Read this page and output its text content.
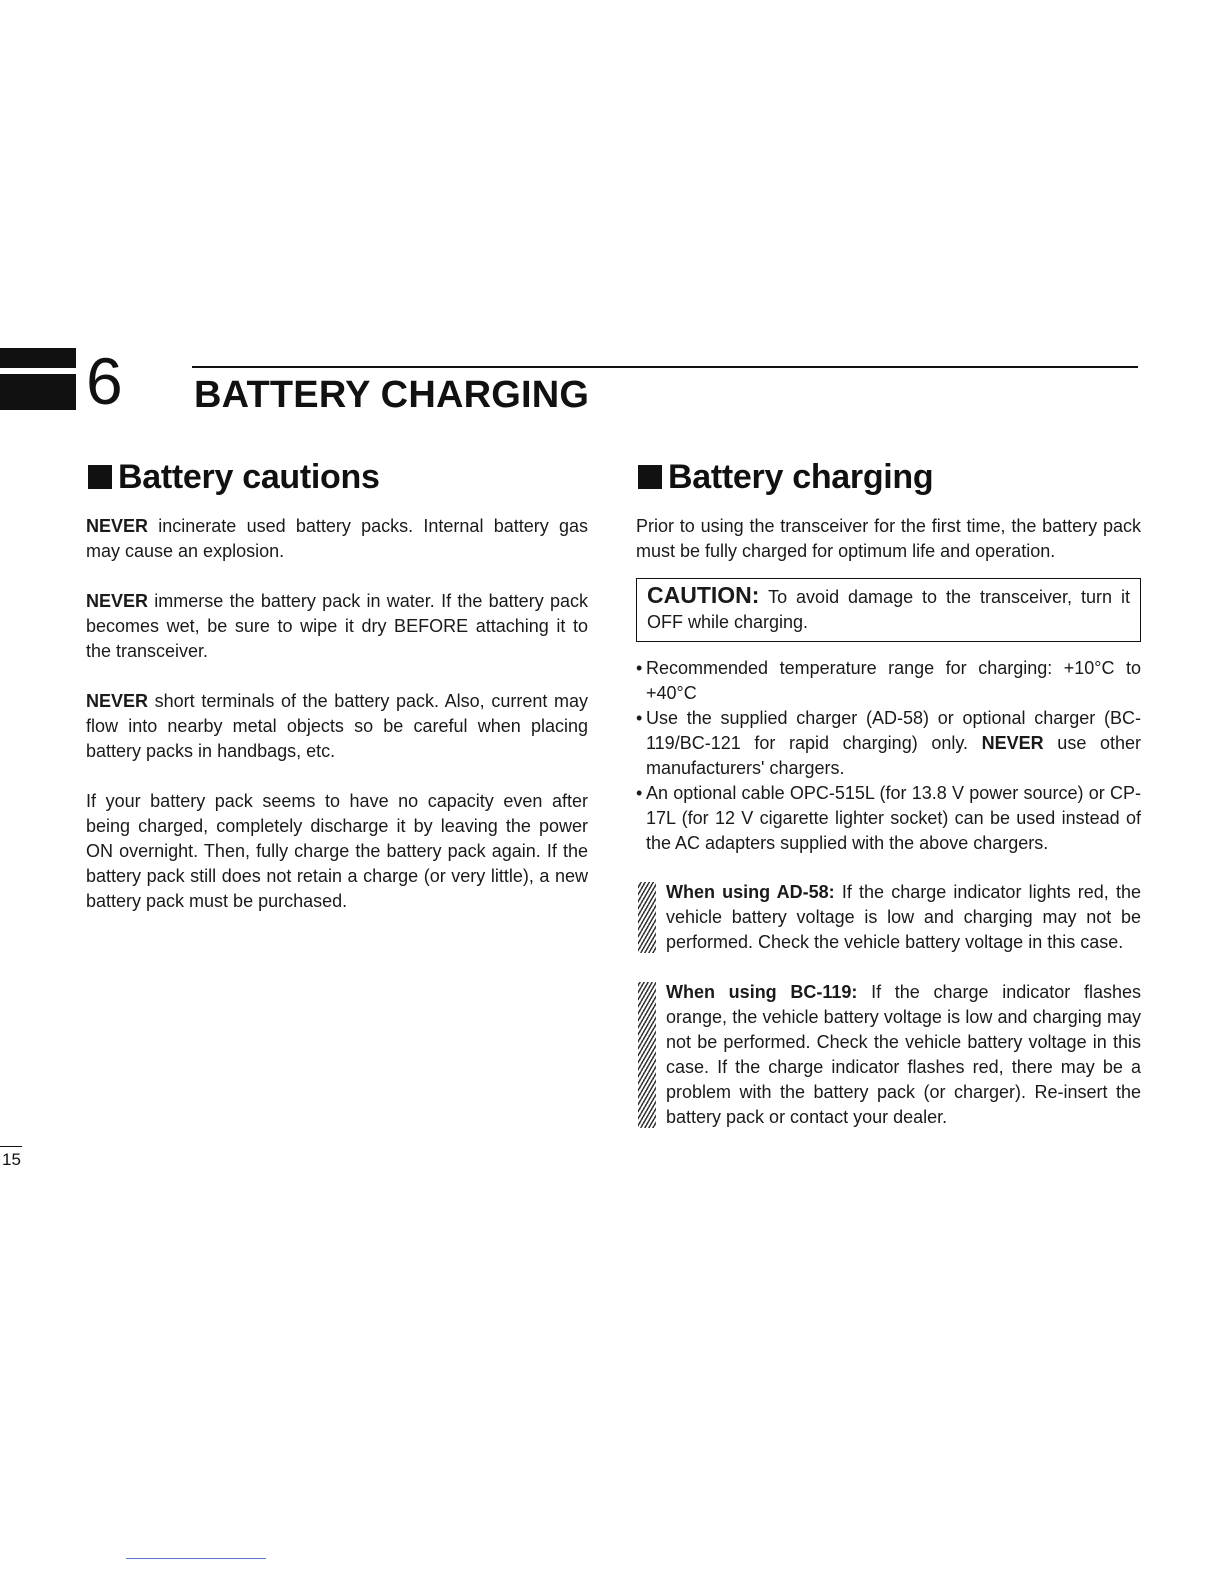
6 BATTERY CHARGING
Battery cautions

NEVER incinerate used battery packs. Internal battery gas may cause an explosion.

NEVER immerse the battery pack in water. If the battery pack becomes wet, be sure to wipe it dry BEFORE attaching it to the transceiver.

NEVER short terminals of the battery pack. Also, current may flow into nearby metal objects so be careful when placing battery packs in handbags, etc.

If your battery pack seems to have no capacity even after being charged, completely discharge it by leaving the power ON overnight. Then, fully charge the battery pack again. If the battery pack still does not retain a charge (or very little), a new battery pack must be purchased.

Battery charging

Prior to using the transceiver for the first time, the battery pack must be fully charged for optimum life and operation.

CAUTION: To avoid damage to the transceiver, turn it OFF while charging.
• Recommended temperature range for charging: +10°C to +40°C
• Use the supplied charger (AD-58) or optional charger (BC-119/BC-121 for rapid charging) only. NEVER use other manufacturers' chargers.
• An optional cable OPC-515L (for 13.8 V power source) or CP-17L (for 12 V cigarette lighter socket) can be used instead of the AC adapters supplied with the above chargers.
When using AD-58: If the charge indicator lights red, the vehicle battery voltage is low and charging may not be performed. Check the vehicle battery voltage in this case.
When using BC-119: If the charge indicator flashes orange, the vehicle battery voltage is low and charging may not be performed. Check the vehicle battery voltage in this case. If the charge indicator flashes red, there may be a problem with the battery pack (or charger). Re-insert the battery pack or contact your dealer.
15
